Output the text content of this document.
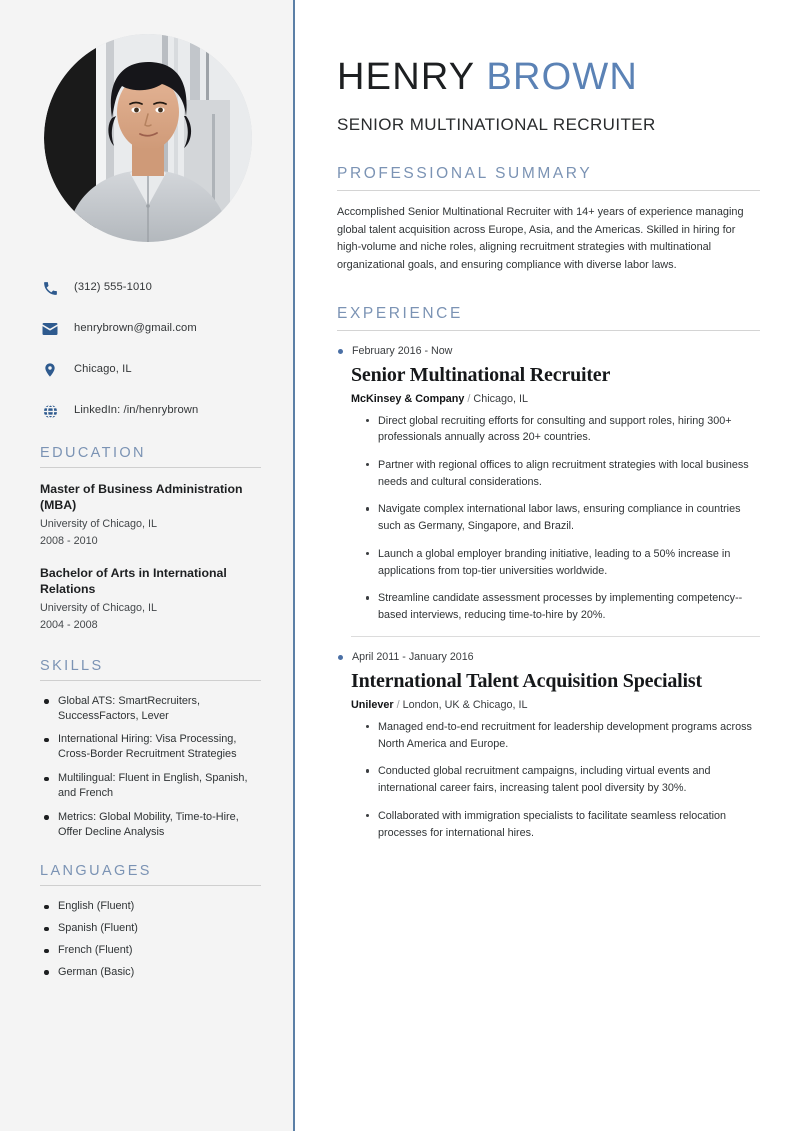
(312) 555-1010
henrybrown@gmail.com
Chicago, IL
LinkedIn: /in/henrybrown
EDUCATION
Master of Business Administration (MBA)
University of Chicago, IL
2008 - 2010
Bachelor of Arts in International Relations
University of Chicago, IL
2004 - 2008
SKILLS
Global ATS: SmartRecruiters, SuccessFactors, Lever
International Hiring: Visa Processing, Cross-Border Recruitment Strategies
Multilingual: Fluent in English, Spanish, and French
Metrics: Global Mobility, Time-to-Hire, Offer Decline Analysis
LANGUAGES
English (Fluent)
Spanish (Fluent)
French (Fluent)
German (Basic)
HENRY BROWN
SENIOR MULTINATIONAL RECRUITER
PROFESSIONAL SUMMARY

Accomplished Senior Multinational Recruiter with 14+ years of experience managing global talent acquisition across Europe, Asia, and the Americas. Skilled in hiring for high-volume and niche roles, aligning recruitment strategies with multinational organizational goals, and ensuring compliance with diverse labor laws.

EXPERIENCE
February 2016 - Now
Senior Multinational Recruiter
McKinsey & Company / Chicago, IL
Direct global recruiting efforts for consulting and support roles, hiring 300+ professionals annually across 20+ countries.
Partner with regional offices to align recruitment strategies with local business needs and cultural considerations.
Navigate complex international labor laws, ensuring compliance in countries such as Germany, Singapore, and Brazil.
Launch a global employer branding initiative, leading to a 50% increase in applications from top-tier universities worldwide.
Streamline candidate assessment processes by implementing competency--based interviews, reducing time-to-hire by 20%.
April 2011 - January 2016
International Talent Acquisition Specialist
Unilever / London, UK & Chicago, IL
Managed end-to-end recruitment for leadership development programs across North America and Europe.
Conducted global recruitment campaigns, including virtual events and international career fairs, increasing talent pool diversity by 30%.
Collaborated with immigration specialists to facilitate seamless relocation processes for international hires.
